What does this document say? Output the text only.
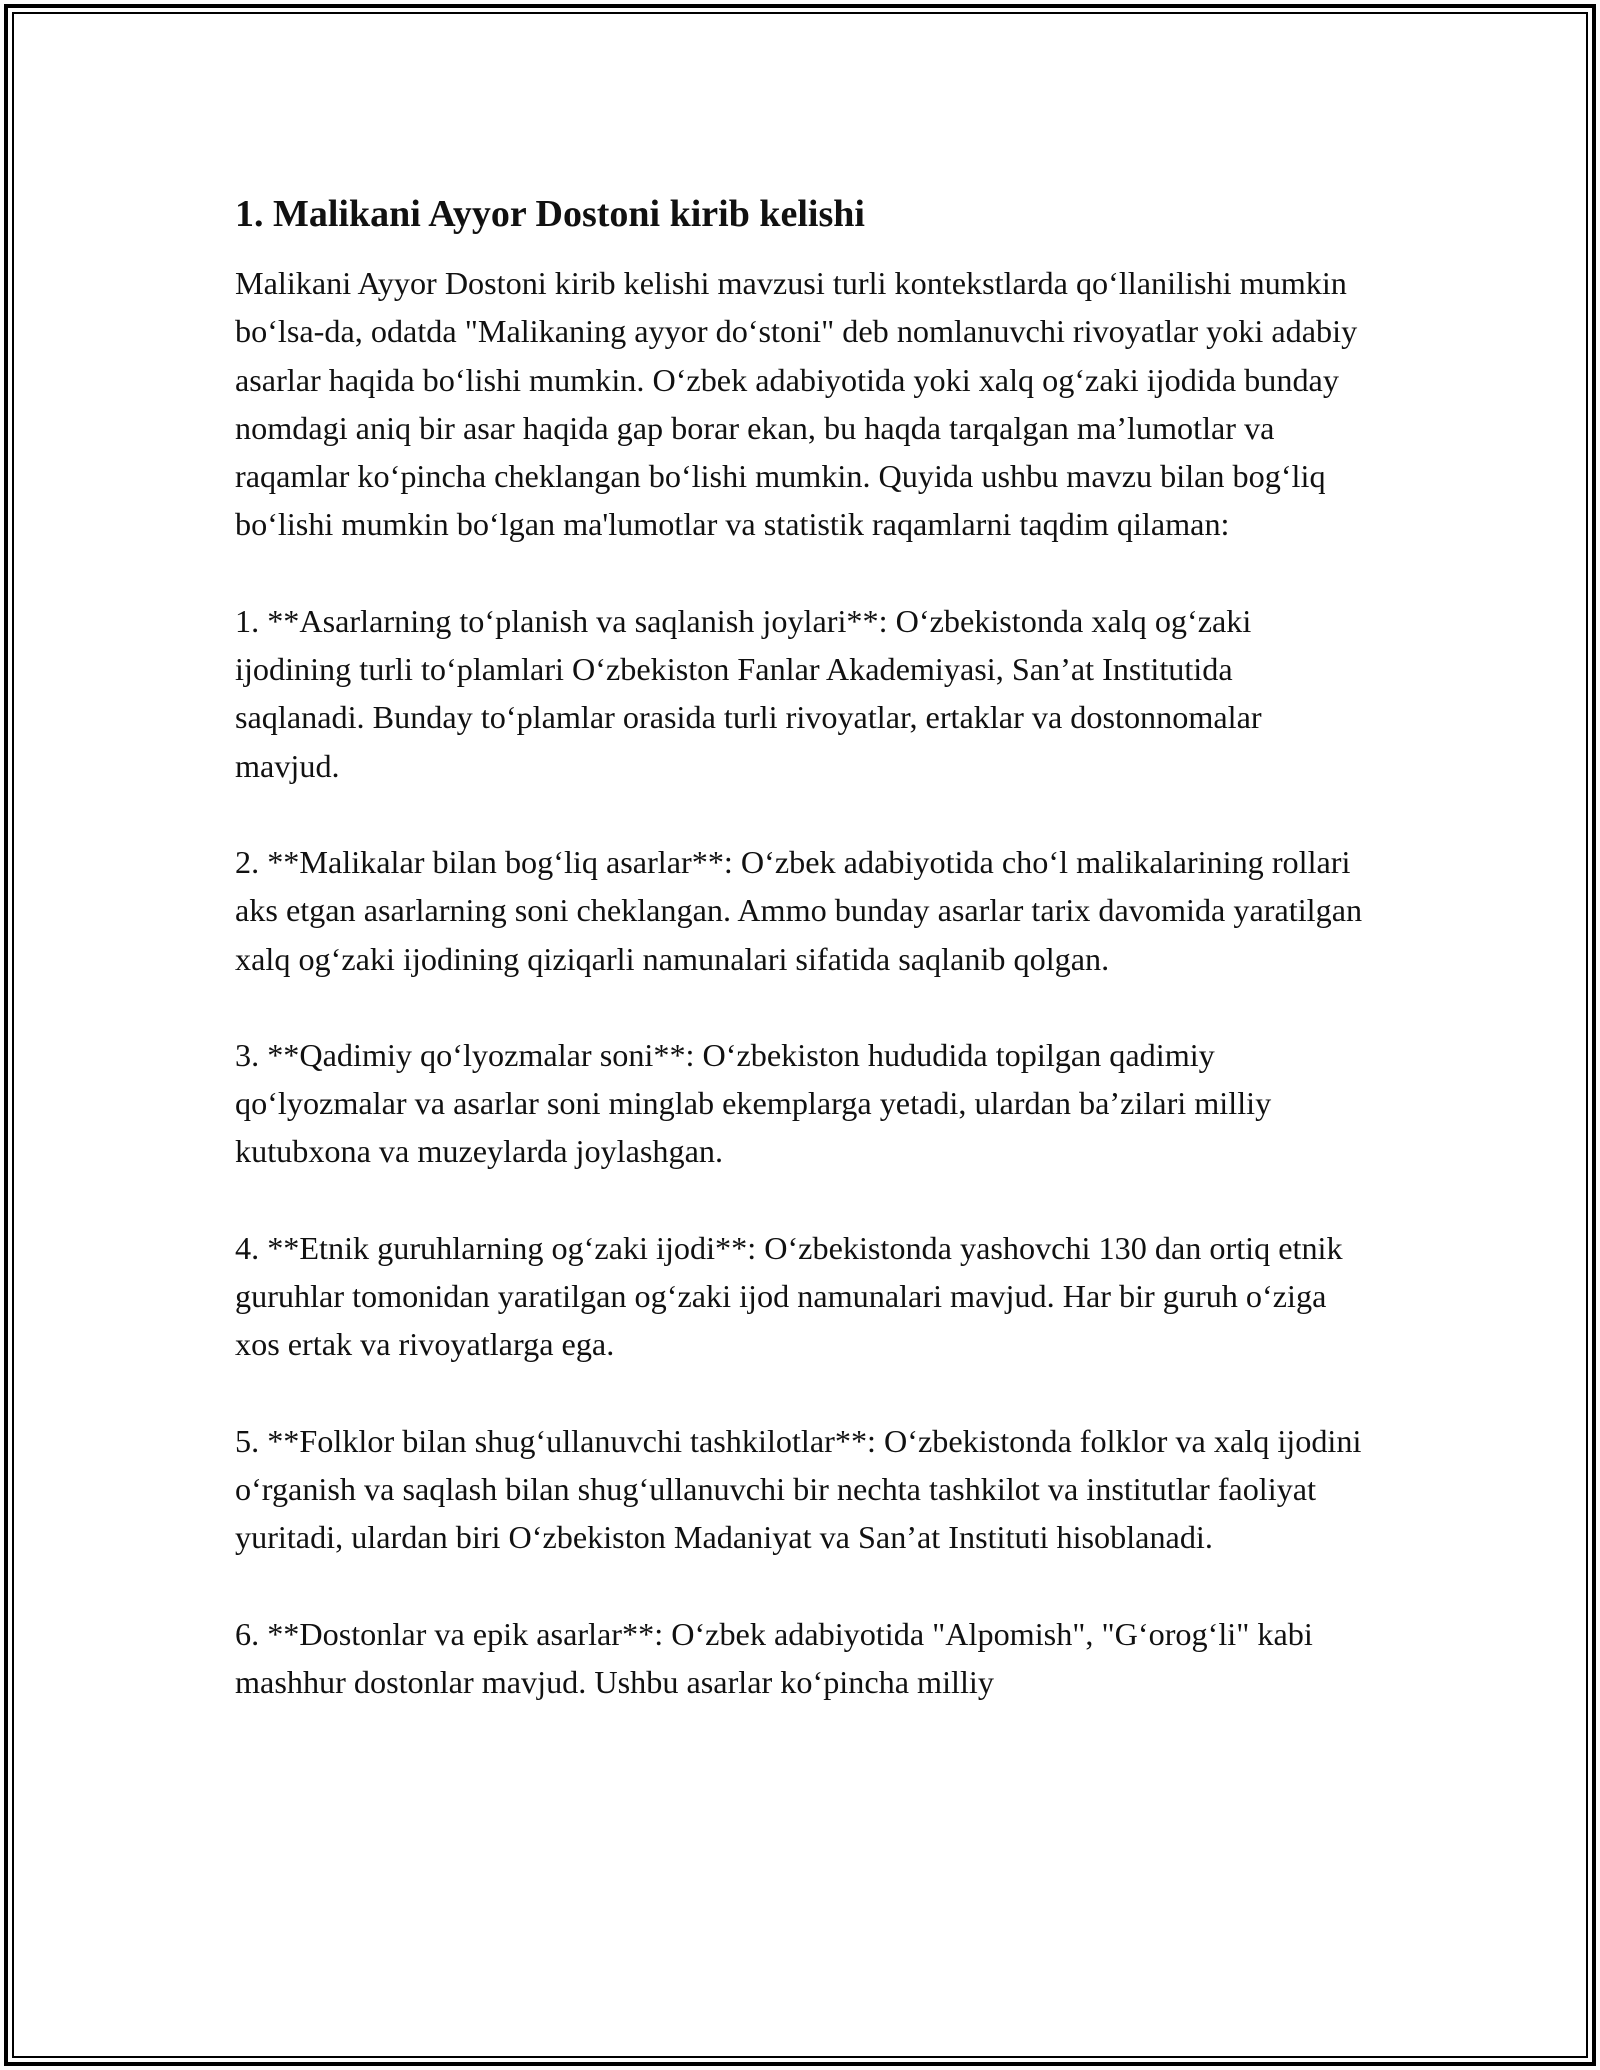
1. Malikani Ayyor Dostoni kirib kelishi

Malikani Ayyor Dostoni kirib kelishi mavzusi turli kontekstlarda qo‘llanilishi mumkin bo‘lsa-da, odatda "Malikaning ayyor do‘stoni" deb nomlanuvchi rivoyatlar yoki adabiy asarlar haqida bo‘lishi mumkin. O‘zbek adabiyotida yoki xalq og‘zaki ijodida bunday nomdagi aniq bir asar haqida gap borar ekan, bu haqda tarqalgan ma’lumotlar va raqamlar ko‘pincha cheklangan bo‘lishi mumkin. Quyida ushbu mavzu bilan bog‘liq bo‘lishi mumkin bo‘lgan ma'lumotlar va statistik raqamlarni taqdim qilaman:

1. **Asarlarning to‘planish va saqlanish joylari**: O‘zbekistonda xalq og‘zaki ijodining turli to‘plamlari O‘zbekiston Fanlar Akademiyasi, San’at Institutida saqlanadi. Bunday to‘plamlar orasida turli rivoyatlar, ertaklar va dostonnomalar mavjud.

2. **Malikalar bilan bog‘liq asarlar**: O‘zbek adabiyotida cho‘l malikalarining rollari aks etgan asarlarning soni cheklangan. Ammo bunday asarlar tarix davomida yaratilgan xalq og‘zaki ijodining qiziqarli namunalari sifatida saqlanib qolgan.

3. **Qadimiy qo‘lyozmalar soni**: O‘zbekiston hududida topilgan qadimiy qo‘lyozmalar va asarlar soni minglab ekemplarga yetadi, ulardan ba’zilari milliy kutubxona va muzeylarda joylashgan.

4. **Etnik guruhlarning og‘zaki ijodi**: O‘zbekistonda yashovchi 130 dan ortiq etnik guruhlar tomonidan yaratilgan og‘zaki ijod namunalari mavjud. Har bir guruh o‘ziga xos ertak va rivoyatlarga ega.

5. **Folklor bilan shug‘ullanuvchi tashkilotlar**: O‘zbekistonda folklor va xalq ijodini o‘rganish va saqlash bilan shug‘ullanuvchi bir nechta tashkilot va institutlar faoliyat yuritadi, ulardan biri O‘zbekiston Madaniyat va San’at Instituti hisoblanadi.

6. **Dostonlar va epik asarlar**: O‘zbek adabiyotida "Alpomish", "G‘orog‘li" kabi mashhur dostonlar mavjud. Ushbu asarlar ko‘pincha milliy
